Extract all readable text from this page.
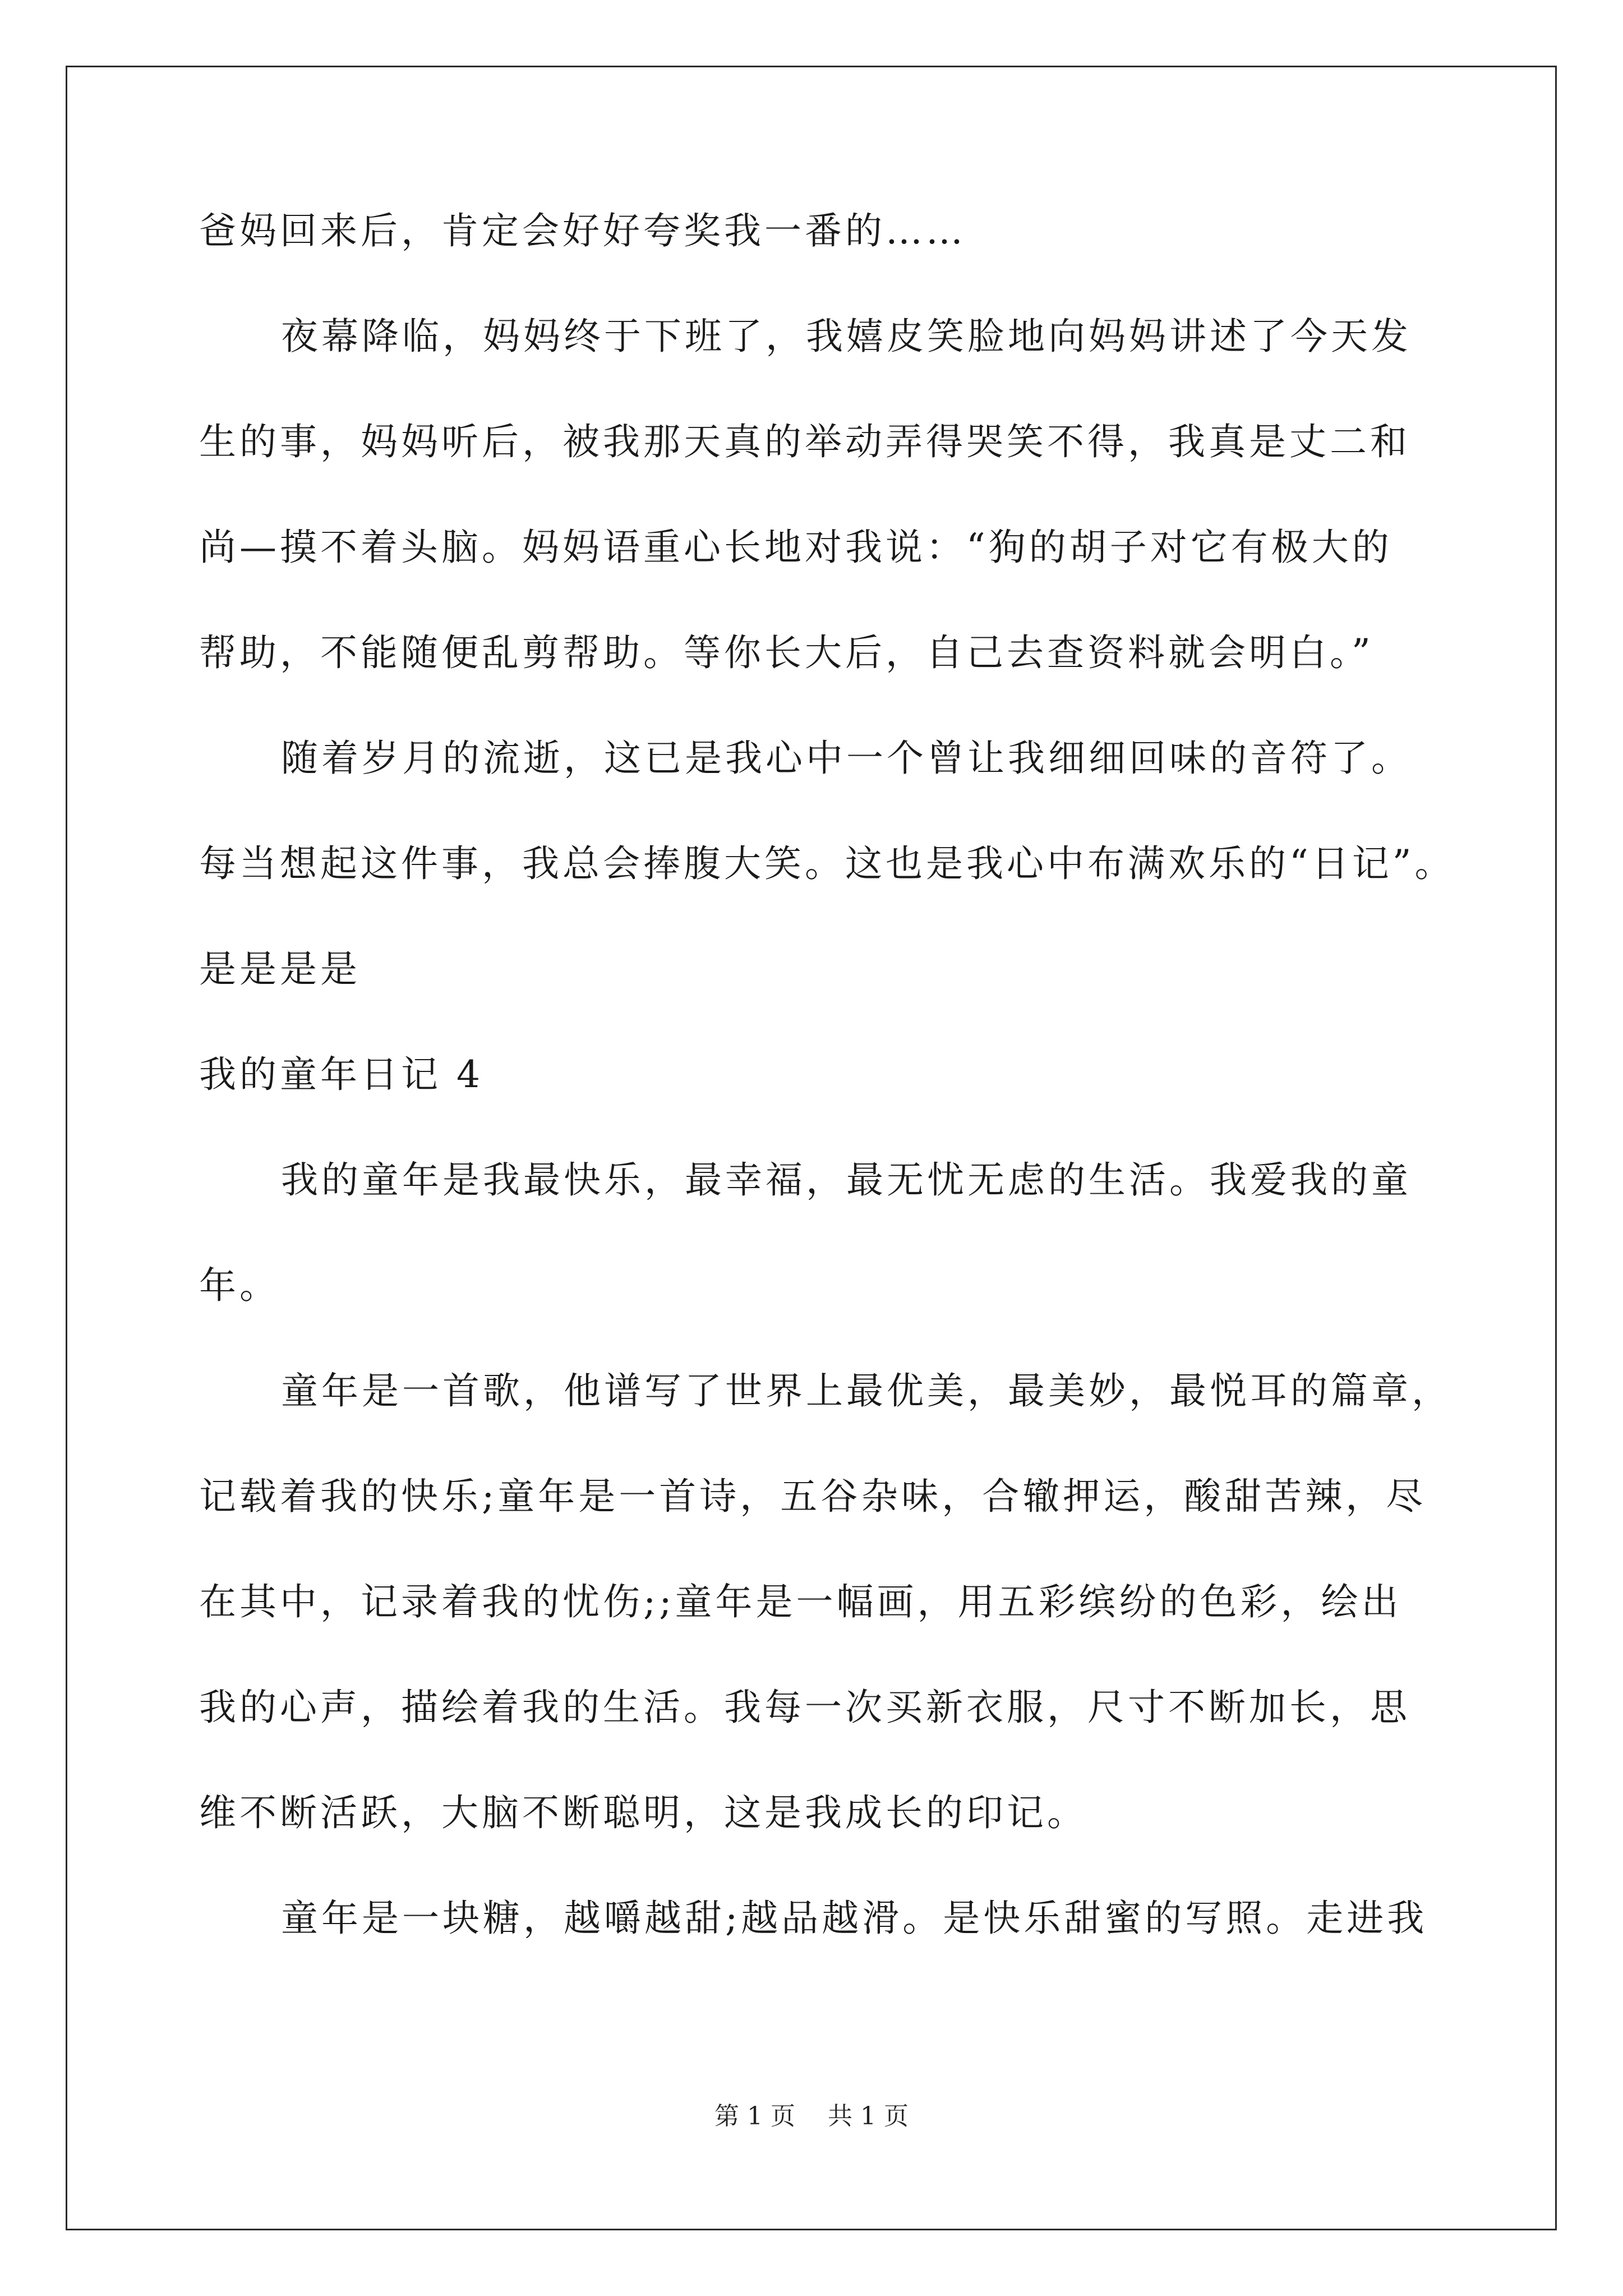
爸妈回来后，肯定会好好夸奖我一番的……
夜幕降临，妈妈终于下班了，我嬉皮笑脸地向妈妈讲述了今天发
生的事，妈妈听后，被我那天真的举动弄得哭笑不得，我真是丈二和
尚—摸不着头脑。妈妈语重心长地对我说：“狗的胡子对它有极大的
帮助，不能随便乱剪帮助。等你长大后，自己去查资料就会明白。”
随着岁月的流逝，这已是我心中一个曾让我细细回味的音符了。
每当想起这件事，我总会捧腹大笑。这也是我心中布满欢乐的“日记”。
是是是是
我的童年日记 4
我的童年是我最快乐，最幸福，最无忧无虑的生活。我爱我的童
年。
童年是一首歌，他谱写了世界上最优美，最美妙，最悦耳的篇章，
记载着我的快乐;童年是一首诗，五谷杂味，合辙押运，酸甜苦辣，尽
在其中，记录着我的忧伤;;童年是一幅画，用五彩缤纷的色彩，绘出
我的心声，描绘着我的生活。我每一次买新衣服，尺寸不断加长，思
维不断活跃，大脑不断聪明，这是我成长的印记。
童年是一块糖，越嚼越甜;越品越滑。是快乐甜蜜的写照。走进我
第 1 页 共 1 页
